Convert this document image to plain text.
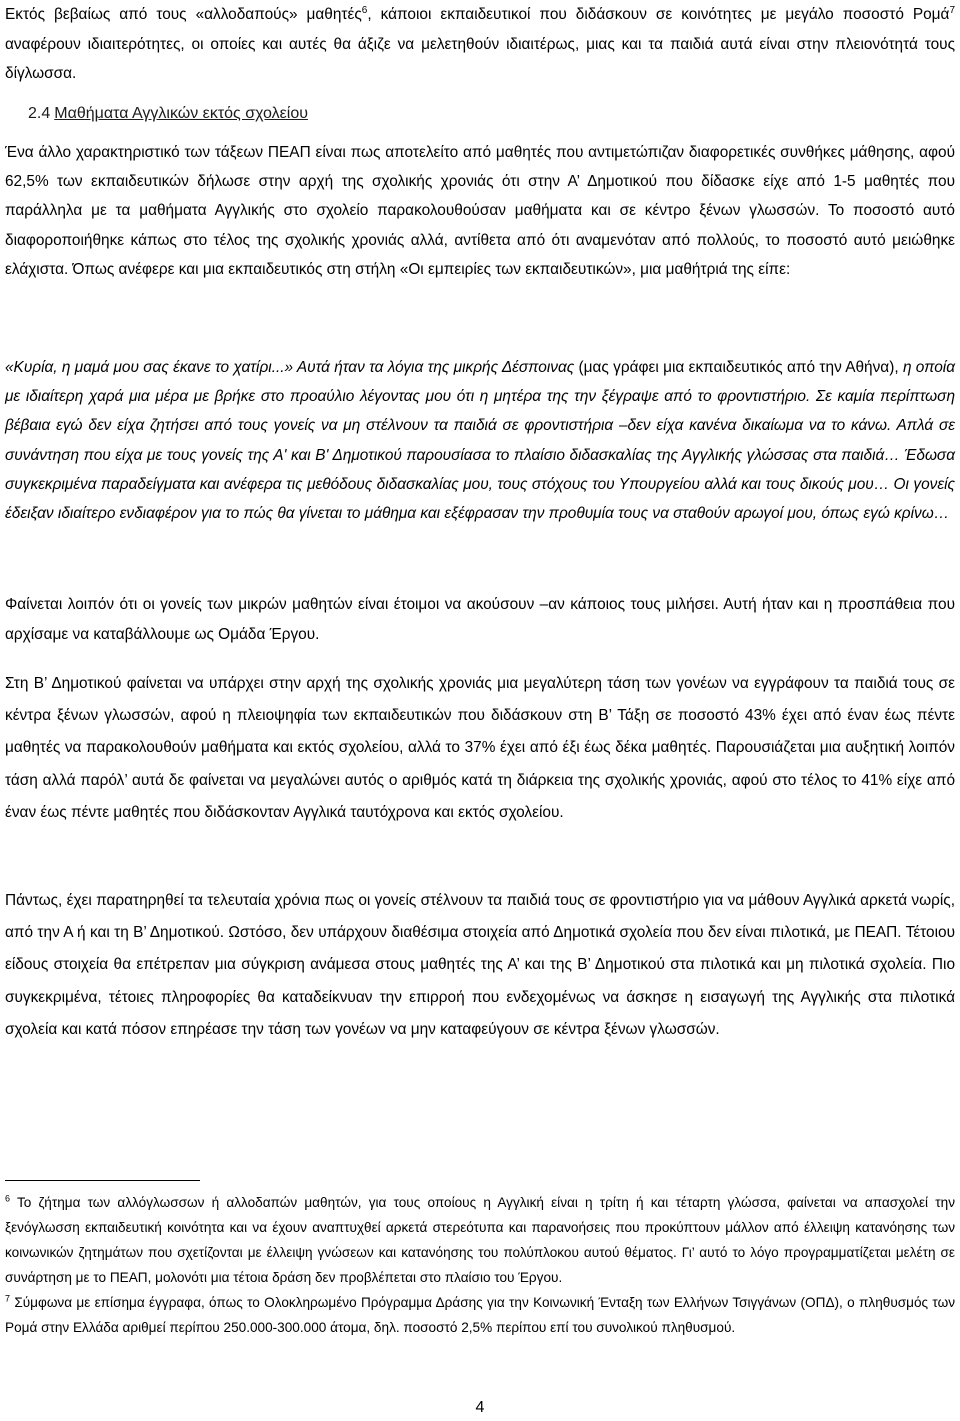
Εκτός βεβαίως από τους «αλλοδαπούς» μαθητές$^6$, κάποιοι εκπαιδευτικοί που διδάσκουν σε κοινότητες με μεγάλο ποσοστό Ρομά$^7$ αναφέρουν ιδιαιτερότητες, οι οποίες και αυτές θα άξιζε να μελετηθούν ιδιαιτέρως, μιας και τα παιδιά αυτά είναι στην πλειονότητά τους δίγλωσσα.

2.4 Μαθήματα Αγγλικών εκτός σχολείου

Ένα άλλο χαρακτηριστικό των τάξεων ΠΕΑΠ είναι πως αποτελείτο από μαθητές που αντιμετώπιζαν διαφορετικές συνθήκες μάθησης, αφού 62,5% των εκπαιδευτικών δήλωσε στην αρχή της σχολικής χρονιάς ότι στην Α’ Δημοτικού που δίδασκε είχε από 1-5 μαθητές που παράλληλα με τα μαθήματα Αγγλικής στο σχολείο παρακολουθούσαν μαθήματα και σε κέντρο ξένων γλωσσών. Το ποσοστό αυτό διαφοροποιήθηκε κάπως στο τέλος της σχολικής χρονιάς αλλά, αντίθετα από ότι αναμενόταν από πολλούς, το ποσοστό αυτό μειώθηκε ελάχιστα. Όπως ανέφερε και μια εκπαιδευτικός στη στήλη «Οι εμπειρίες των εκπαιδευτικών», μια μαθήτριά της είπε:

«Κυρία, η μαμά μου σας έκανε το χατίρι...» Αυτά ήταν τα λόγια της μικρής Δέσποινας (μας γράφει μια εκπαιδευτικός από την Αθήνα), η οποία με ιδιαίτερη χαρά μια μέρα με βρήκε στο προαύλιο λέγοντας μου ότι η μητέρα της την ξέγραψε από το φροντιστήριο. Σε καμία περίπτωση βέβαια εγώ δεν είχα ζητήσει από τους γονείς να μη στέλνουν τα παιδιά σε φροντιστήρια –δεν είχα κανένα δικαίωμα να το κάνω. Απλά σε συνάντηση που είχα με τους γονείς της Α' και Β' Δημοτικού παρουσίασα το πλαίσιο διδασκαλίας της Αγγλικής γλώσσας στα παιδιά… Έδωσα συγκεκριμένα παραδείγματα και ανέφερα τις μεθόδους διδασκαλίας μου, τους στόχους του Υπουργείου αλλά και τους δικούς μου… Οι γονείς έδειξαν ιδιαίτερο ενδιαφέρον για το πώς θα γίνεται το μάθημα και εξέφρασαν την προθυμία τους να σταθούν αρωγοί μου, όπως εγώ κρίνω…

Φαίνεται λοιπόν ότι οι γονείς των μικρών μαθητών είναι έτοιμοι να ακούσουν –αν κάποιος τους μιλήσει. Αυτή ήταν και η προσπάθεια που αρχίσαμε να καταβάλλουμε ως Ομάδα Έργου.

Στη Β’ Δημοτικού φαίνεται να υπάρχει στην αρχή της σχολικής χρονιάς μια μεγαλύτερη τάση των γονέων να εγγράφουν τα παιδιά τους σε κέντρα ξένων γλωσσών, αφού η πλειοψηφία των εκπαιδευτικών που διδάσκουν στη Β’ Τάξη σε ποσοστό 43% έχει από έναν έως πέντε μαθητές να παρακολουθούν μαθήματα και εκτός σχολείου, αλλά το 37% έχει από έξι έως δέκα μαθητές. Παρουσιάζεται μια αυξητική λοιπόν τάση αλλά παρόλ’ αυτά δε φαίνεται να μεγαλώνει αυτός ο αριθμός κατά τη διάρκεια της σχολικής χρονιάς, αφού στο τέλος το 41% είχε από έναν έως πέντε μαθητές που διδάσκονταν Αγγλικά ταυτόχρονα και εκτός σχολείου.

Πάντως, έχει παρατηρηθεί τα τελευταία χρόνια πως οι γονείς στέλνουν τα παιδιά τους σε φροντιστήριο για να μάθουν Αγγλικά αρκετά νωρίς, από την Α ή και τη Β’ Δημοτικού. Ωστόσο, δεν υπάρχουν διαθέσιμα στοιχεία από Δημοτικά σχολεία που δεν είναι πιλοτικά, με ΠΕΑΠ. Τέτοιου είδους στοιχεία θα επέτρεπαν μια σύγκριση ανάμεσα στους μαθητές της Α’ και της Β’ Δημοτικού στα πιλοτικά και μη πιλοτικά σχολεία. Πιο συγκεκριμένα, τέτοιες πληροφορίες θα καταδείκνυαν την επιρροή που ενδεχομένως να άσκησε η εισαγωγή της Αγγλικής στα πιλοτικά σχολεία και κατά πόσον επηρέασε την τάση των γονέων να μην καταφεύγουν σε κέντρα ξένων γλωσσών.

$^6$ Το ζήτημα των αλλόγλωσσων ή αλλοδαπών μαθητών, για τους οποίους η Αγγλική είναι η τρίτη ή και τέταρτη γλώσσα, φαίνεται να απασχολεί την ξενόγλωσση εκπαιδευτική κοινότητα και να έχουν αναπτυχθεί αρκετά στερεότυπα και παρανοήσεις που προκύπτουν μάλλον από έλλειψη κατανόησης των κοινωνικών ζητημάτων που σχετίζονται με έλλειψη γνώσεων και κατανόησης του πολύπλοκου αυτού θέματος. Γι’ αυτό το λόγο προγραμματίζεται μελέτη σε συνάρτηση με το ΠΕΑΠ, μολονότι μια τέτοια δράση δεν προβλέπεται στο πλαίσιο του Έργου.

$^7$ Σύμφωνα με επίσημα έγγραφα, όπως το Ολοκληρωμένο Πρόγραμμα Δράσης για την Κοινωνική Ένταξη των Ελλήνων Τσιγγάνων (ΟΠΔ), ο πληθυσμός των Ρομά στην Ελλάδα αριθμεί περίπου 250.000-300.000 άτομα, δηλ. ποσοστό 2,5% περίπου επί του συνολικού πληθυσμού.

4
